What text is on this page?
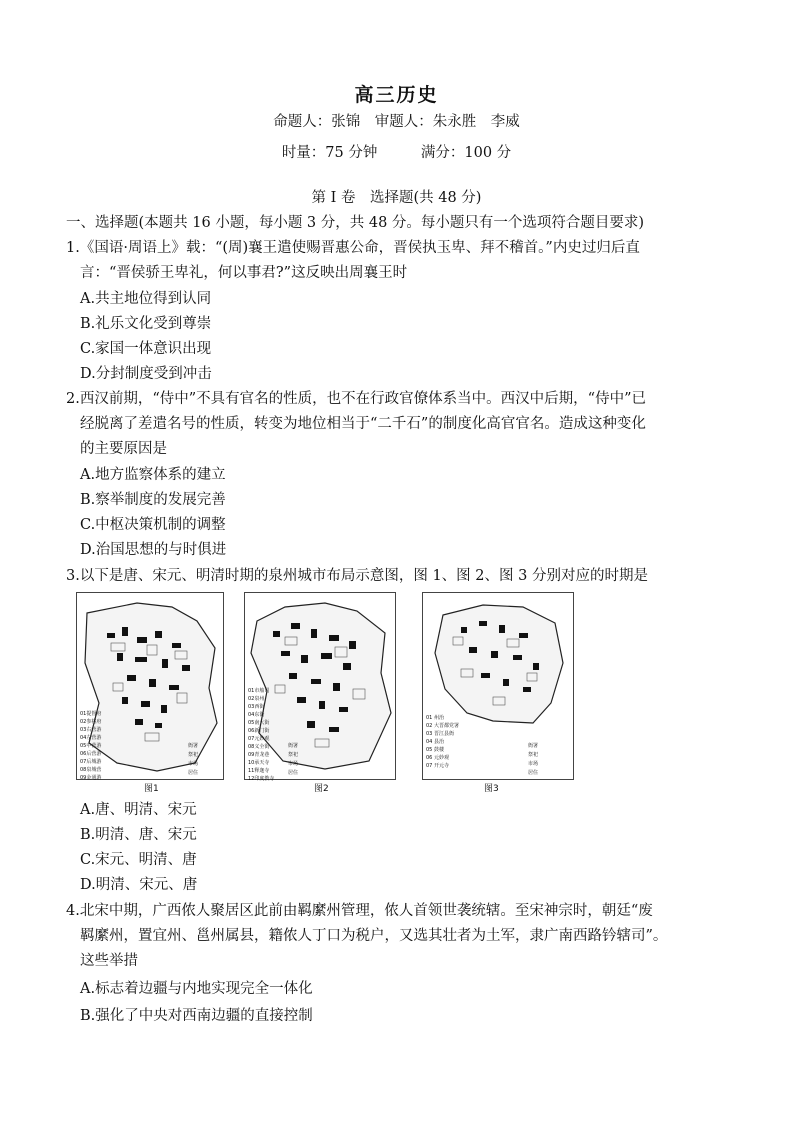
高三历史
命题人：张锦　审题人：朱永胜　李威
时量：75 分钟　　　满分：100 分
第 Ⅰ 卷　选择题(共 48 分)
一、选择题(本题共 16 小题，每小题 3 分，共 48 分。每小题只有一个选项符合题目要求)
1.《国语·周语上》载：“(周)襄王遣使赐晋惠公命，晋侯执玉卑、拜不稽首。”内史过归后直
言：“晋侯骄王卑礼，何以事君?”这反映出周襄王时
A.共主地位得到认同
B.礼乐文化受到尊崇
C.家国一体意识出现
D.分封制度受到冲击
2.西汉前期，“侍中”不具有官名的性质，也不在行政官僚体系当中。西汉中后期，“侍中”已
经脱离了差遣名号的性质，转变为地位相当于“二千石”的制度化高官官名。造成这种变化
的主要原因是
A.地方监察体系的建立
B.察举制度的发展完善
C.中枢决策机制的调整
D.治国思想的与时俱进
3.以下是唐、宋元、明清时期的泉州城市布局示意图，图 1、图 2、图 3 分别对应的时期是
01提督府
02参将府
03右营游
04左营游
05中营游
06后营游
07后城游
08泉城营
09金通游
衙署
祭祀
市场
居住
图1
01市舶司
02泉州
03西街
04东街
05南大街
06新门街
07元妙观
08义全街
09青龙巷
10承天寺
11释迦寺
12印度教寺
衙署
祭祀
市场
居住
图2
01 州治
02 大晋都党署
03 晋江县衙
04 县治
05 鼓楼
06 元妙观
07 开元寺
衙署
祭祀
市场
居住
图3
A.唐、明清、宋元
B.明清、唐、宋元
C.宋元、明清、唐
D.明清、宋元、唐
4.北宋中期，广西侬人聚居区此前由羁縻州管理，侬人首领世袭统辖。至宋神宗时，朝廷“废
羁縻州，置宜州、邕州属县，籍侬人丁口为税户，又选其壮者为土军，隶广南西路钤辖司”。
这些举措
A.标志着边疆与内地实现完全一体化
B.强化了中央对西南边疆的直接控制
